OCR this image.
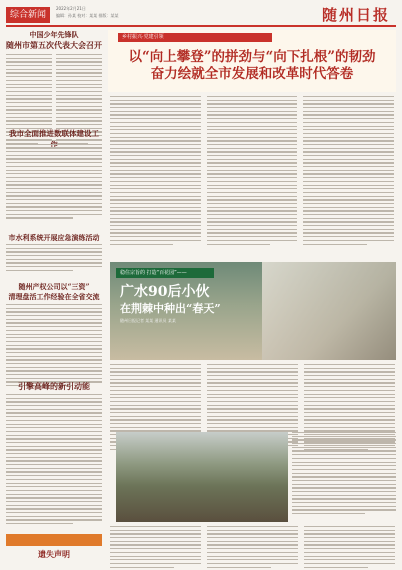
综合新闻
2022年2月21日
编辑：孙某 校对：某某 排版：某某	随州日报
中国少年先锋队
随州市第五次代表大会召开
我市全面推进数联体建设工
市水利系统开展应急演练活动
随州产权公司以“三资”
清理盘活工作经验在全省交流
引擎高峰的新引动能
遗失声明
乡村振兴·党建引领
以“向上攀登”的拼劲与“向下扎根”的韧劲
奋力绘就全市发展和改革时代答卷
稳住宗旨的 打造“百花园”——
广水90后小伙
在荆棘中种出“春天”
随州日报记者 某某 通讯员 某某
